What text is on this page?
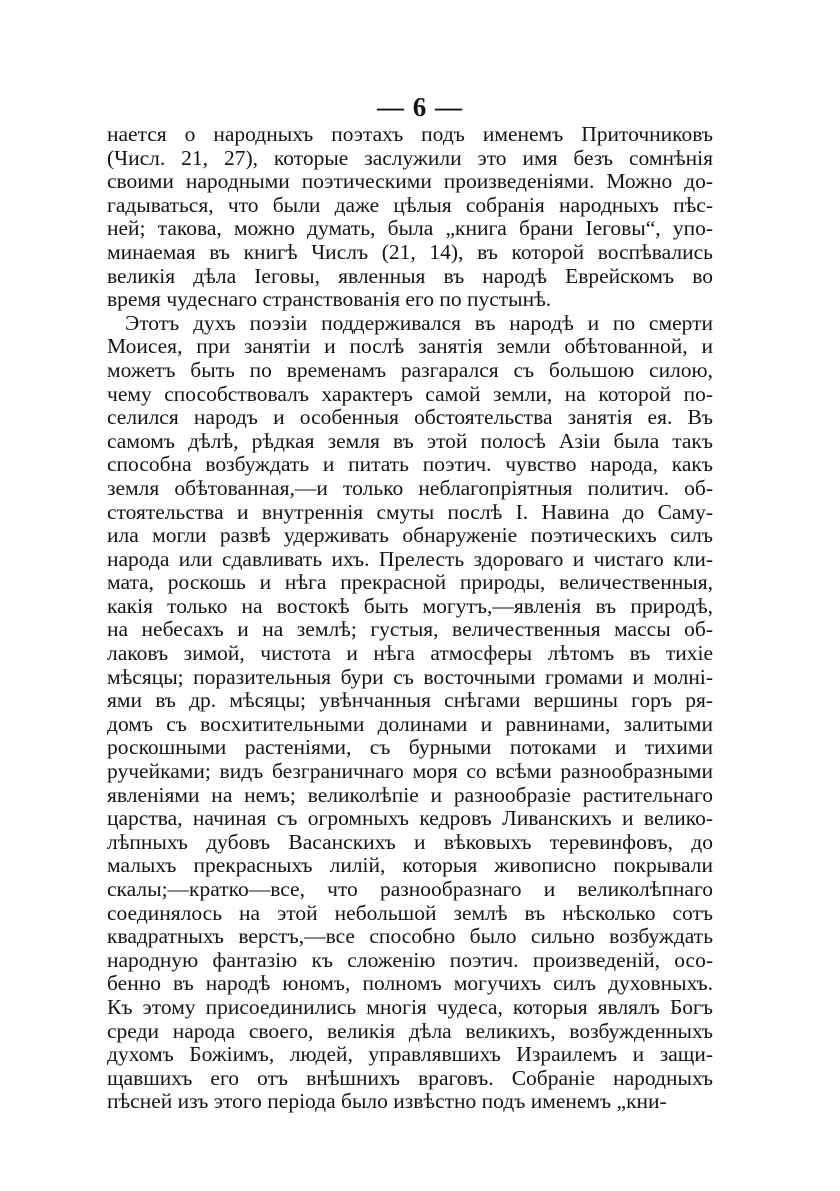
— 6 —
нается о народныхъ поэтахъ подъ именемъ Приточниковъ
(Числ. 21, 27), которые заслужили это имя безъ сомнѣнія
своими народными поэтическими произведеніями. Можно до-
гадываться, что были даже цѣлыя собранія народныхъ пѣс-
ней; такова, можно думать, была „книга брани Іеговы“, упо-
минаемая въ книгѣ Числъ (21, 14), въ которой воспѣвались
великія дѣла Іеговы, явленныя въ народѣ Еврейскомъ во
время чудеснаго странствованія его по пустынѣ.
Этотъ духъ поэзіи поддерживался въ народѣ и по смерти
Моисея, при занятіи и послѣ занятія земли обѣтованной, и
можетъ быть по временамъ разгарался съ большою силою,
чему способствовалъ характеръ самой земли, на которой по-
селился народъ и особенныя обстоятельства занятія ея. Въ
самомъ дѣлѣ, рѣдкая земля въ этой полосѣ Азіи была такъ
способна возбуждать и питать поэтич. чувство народа, какъ
земля обѣтованная,—и только неблагопріятныя политич. об-
стоятельства и внутреннія смуты послѣ І. Навина до Саму-
ила могли развѣ удерживать обнаруженіе поэтическихъ силъ
народа или сдавливать ихъ. Прелесть здороваго и чистаго кли-
мата, роскошь и нѣга прекрасной природы, величественныя,
какія только на востокѣ быть могутъ,—явленія въ природѣ,
на небесахъ и на землѣ; густыя, величественныя массы об-
лаковъ зимой, чистота и нѣга атмосферы лѣтомъ въ тихіе
мѣсяцы; поразительныя бури съ восточными громами и молні-
ями въ др. мѣсяцы; увѣнчанныя снѣгами вершины горъ ря-
домъ съ восхитительными долинами и равнинами, залитыми
роскошными растеніями, съ бурными потоками и тихими
ручейками; видъ безграничнаго моря со всѣми разнообразными
явленіями на немъ; великолѣпіе и разнообразіе растительнаго
царства, начиная съ огромныхъ кедровъ Ливанскихъ и велико-
лѣпныхъ дубовъ Васанскихъ и вѣковыхъ теревинфовъ, до
малыхъ прекрасныхъ лилій, которыя живописно покрывали
скалы;—кратко—все, что разнообразнаго и великолѣпнаго
соединялось на этой небольшой землѣ въ нѣсколько сотъ
квадратныхъ верстъ,—все способно было сильно возбуждать
народную фантазію къ сложенію поэтич. произведеній, осо-
бенно въ народѣ юномъ, полномъ могучихъ силъ духовныхъ.
Къ этому присоединились многія чудеса, которыя являлъ Богъ
среди народа своего, великія дѣла великихъ, возбужденныхъ
духомъ Божіимъ, людей, управлявшихъ Израилемъ и защи-
щавшихъ его отъ внѣшнихъ враговъ. Собраніе народныхъ
пѣсней изъ этого періода было извѣстно подъ именемъ „кни-
